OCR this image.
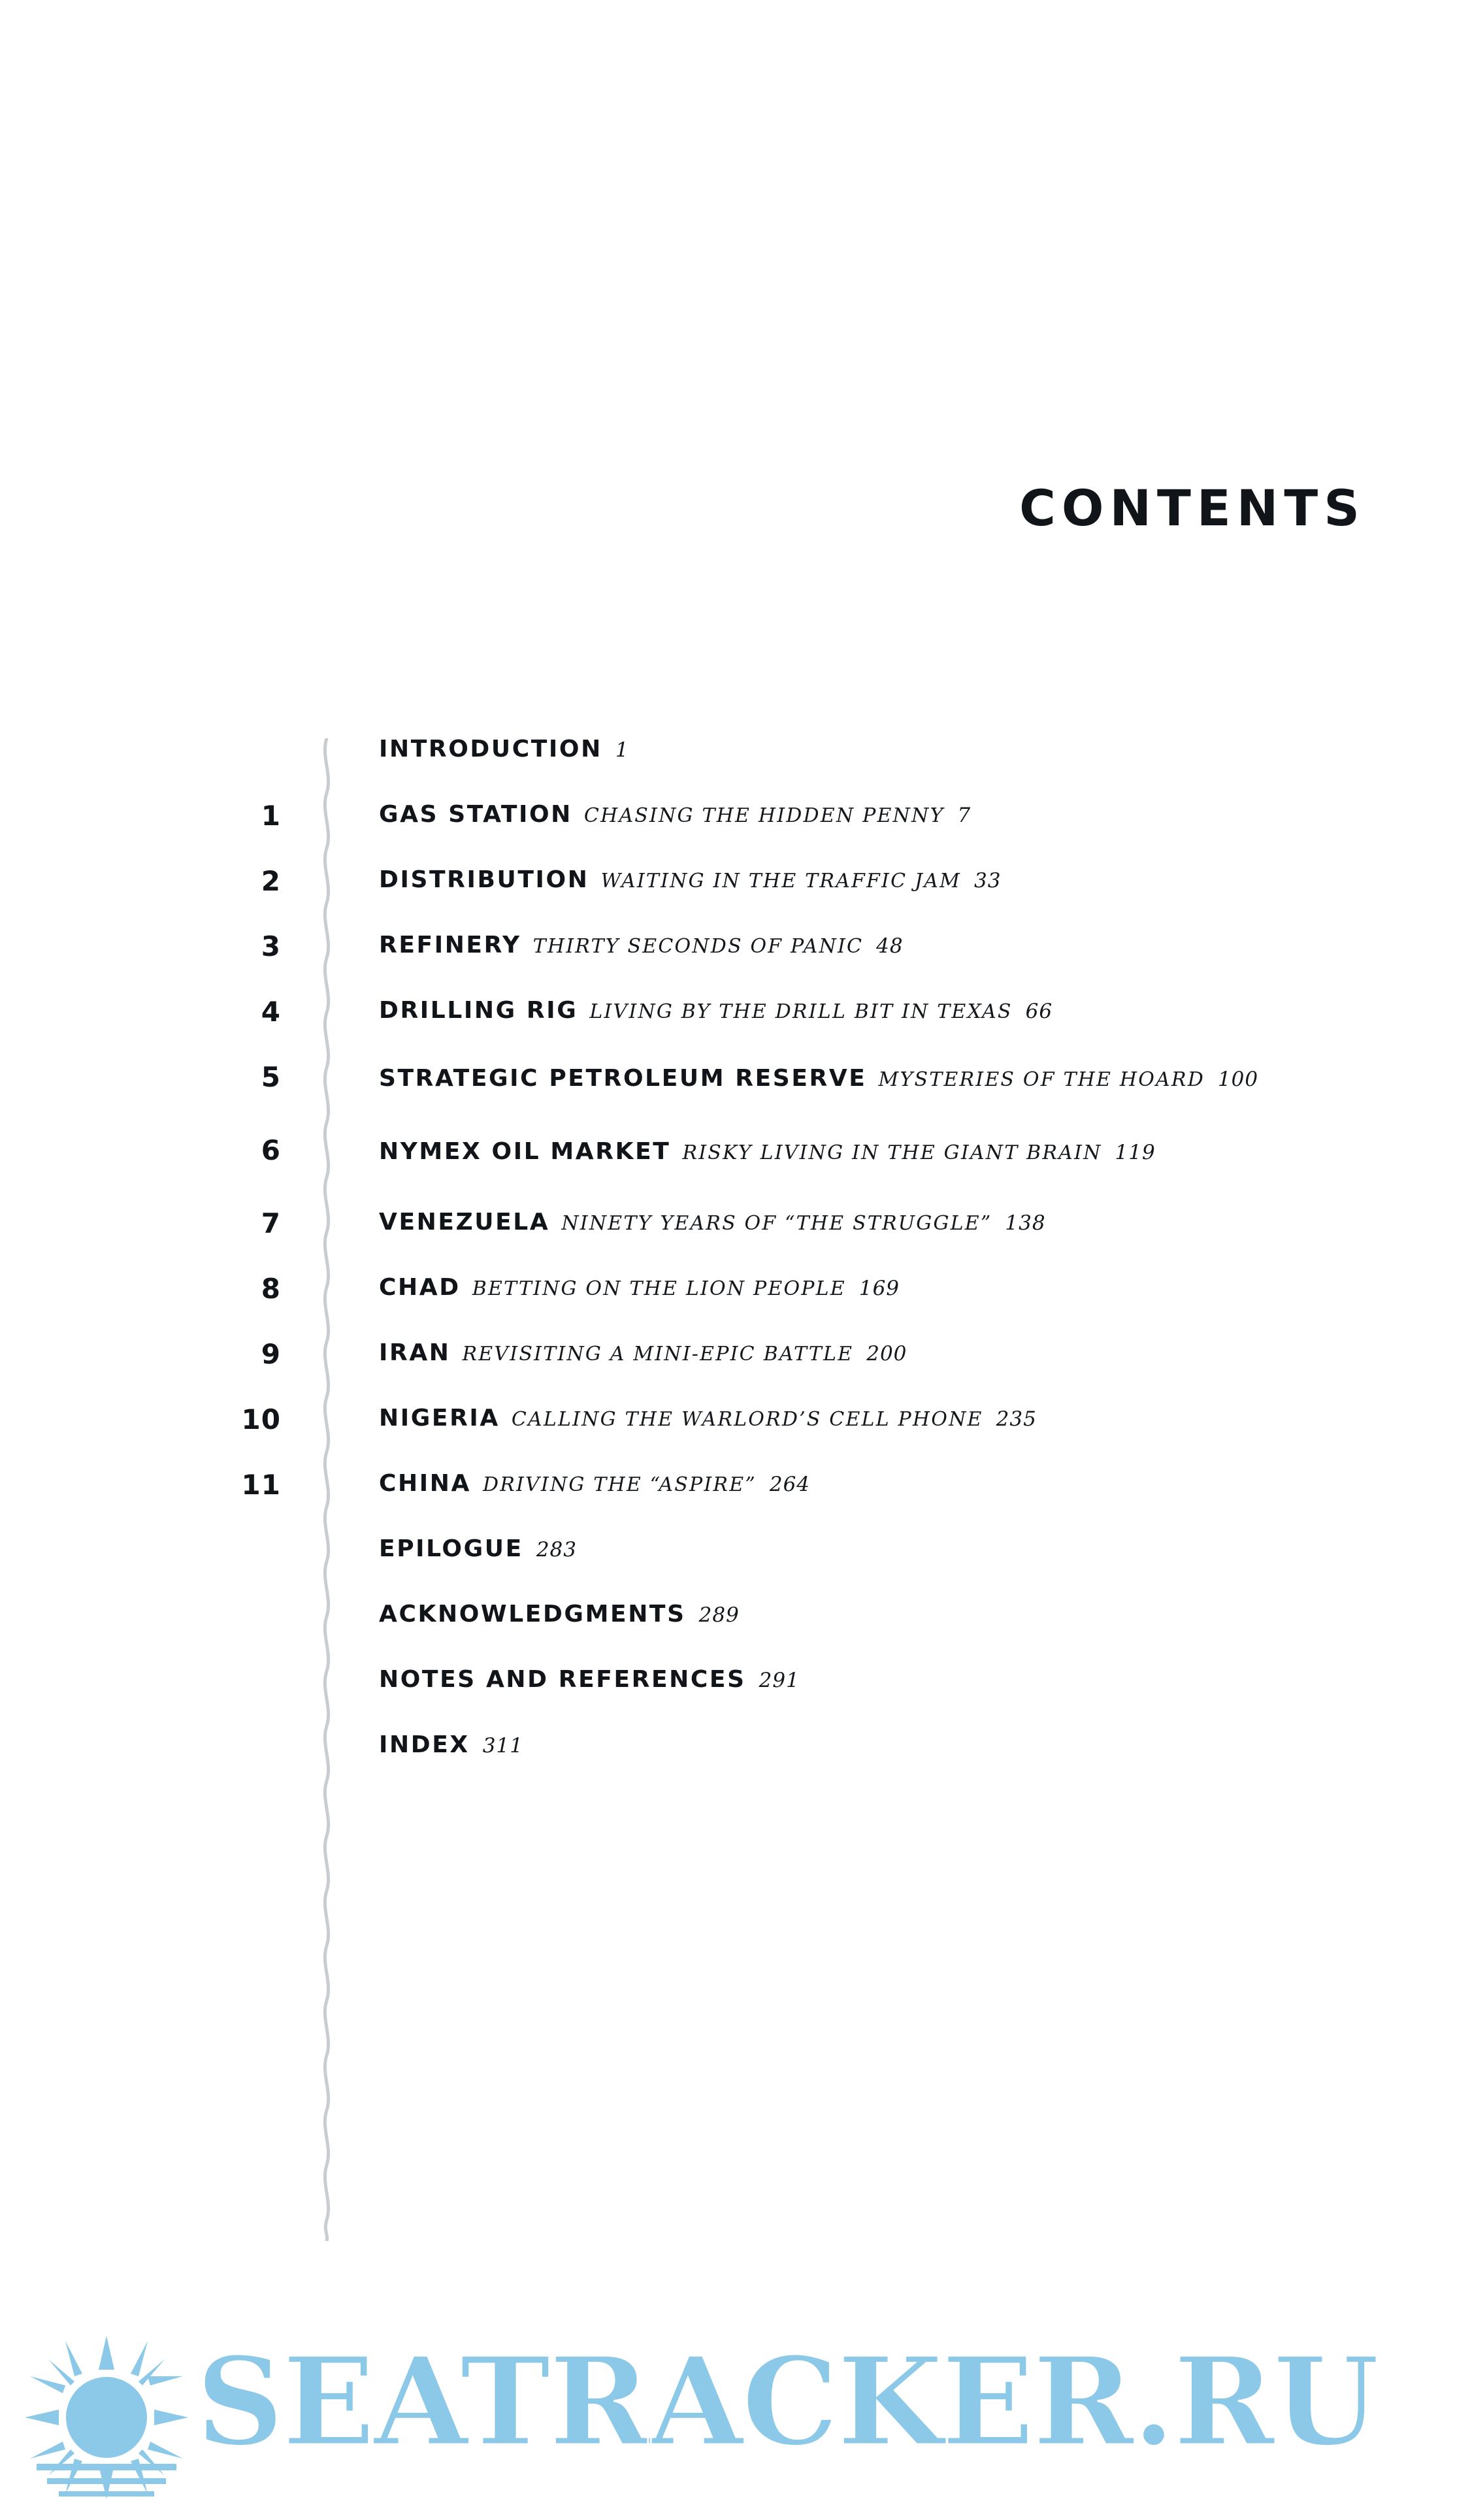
CONTENTS
INTRODUCTION 1
1	GAS STATION CHASING THE HIDDEN PENNY 7
2	DISTRIBUTION WAITING IN THE TRAFFIC JAM 33
3	REFINERY THIRTY SECONDS OF PANIC 48
4	DRILLING RIG LIVING BY THE DRILL BIT IN TEXAS 66
5	STRATEGIC PETROLEUM RESERVE MYSTERIES OF THE HOARD 100
6	NYMEX OIL MARKET RISKY LIVING IN THE GIANT BRAIN 119
7	VENEZUELA NINETY YEARS OF “THE STRUGGLE” 138
8	CHAD BETTING ON THE LION PEOPLE 169
9	IRAN REVISITING A MINI-EPIC BATTLE 200
10	NIGERIA CALLING THE WARLORD’S CELL PHONE 235
11	CHINA DRIVING THE “ASPIRE” 264
EPILOGUE 283
ACKNOWLEDGMENTS 289
NOTES AND REFERENCES 291
INDEX 311
SEATRACKER.RU
